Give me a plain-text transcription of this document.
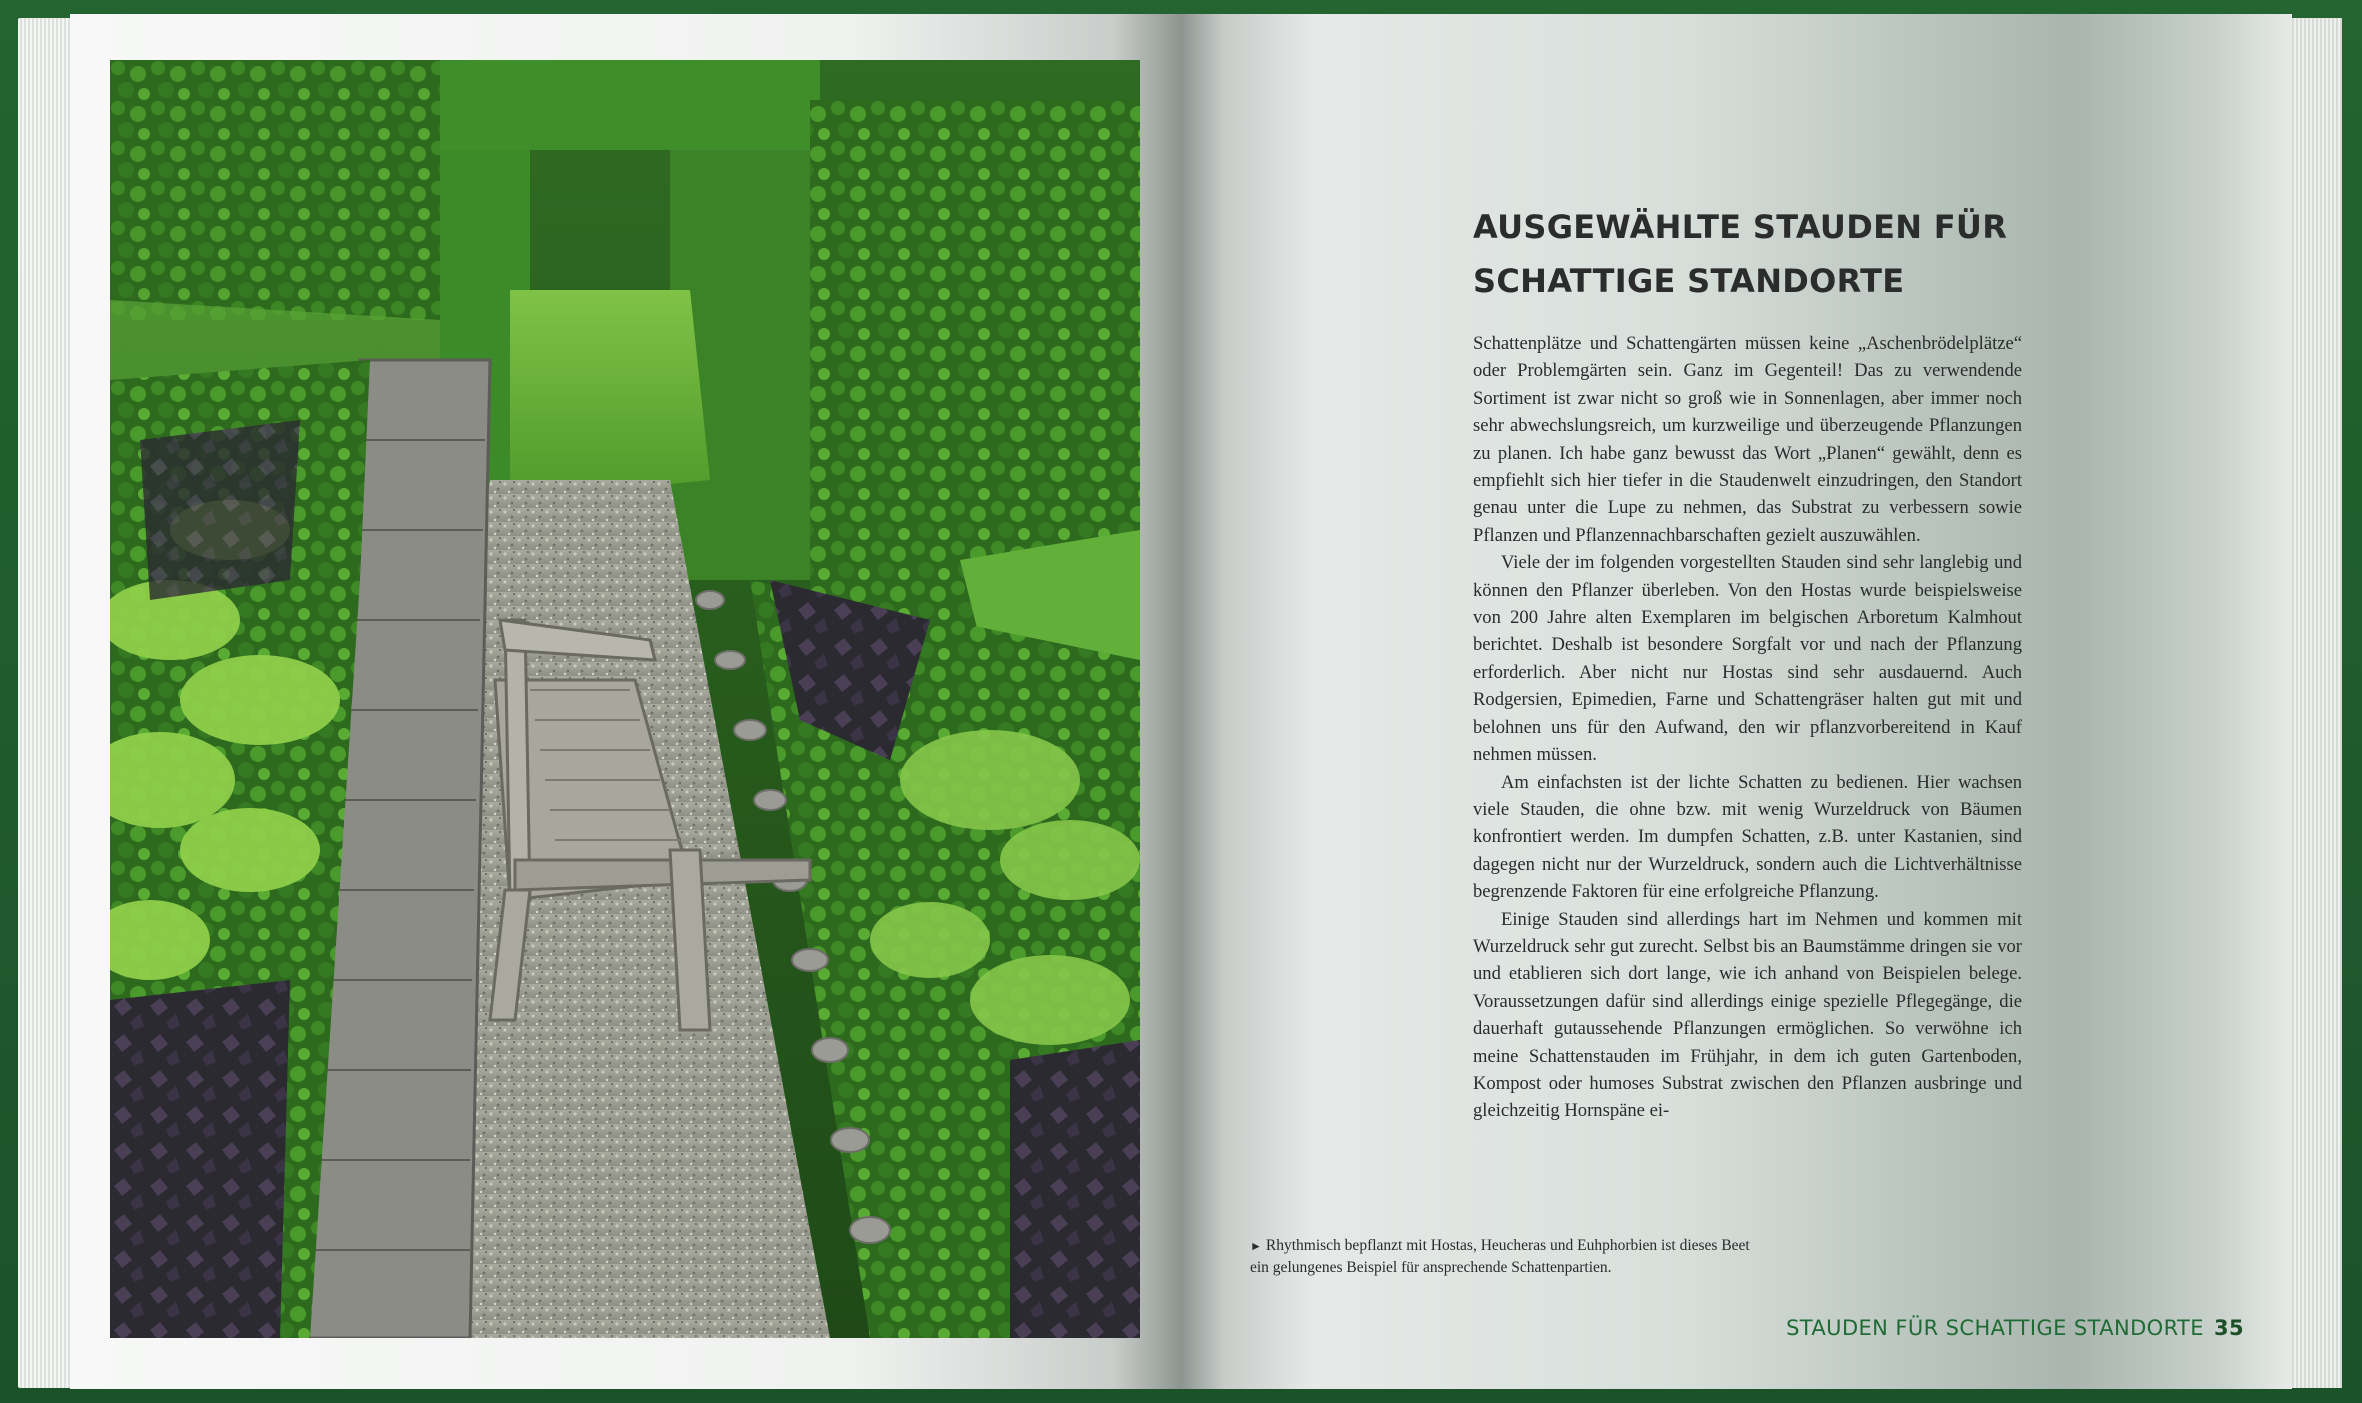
AUSGEWÄHLTE STAUDEN FÜR
SCHATTIGE STANDORTE

Schattenplätze und Schattengärten müssen keine „Aschenbrödelplätze“ oder Problemgärten sein. Ganz im Gegenteil! Das zu verwendende Sortiment ist zwar nicht so groß wie in Sonnenlagen, aber immer noch sehr abwechslungsreich, um kurzweilige und überzeugende Pflanzungen zu planen. Ich habe ganz bewusst das Wort „Planen“ gewählt, denn es empfiehlt sich hier tiefer in die Staudenwelt einzudringen, den Standort genau unter die Lupe zu nehmen, das Substrat zu verbessern sowie Pflanzen und Pflanzennachbarschaften gezielt auszuwählen.

Viele der im folgenden vorgestellten Stauden sind sehr langlebig und können den Pflanzer überleben. Von den Hostas wurde beispielsweise von 200 Jahre alten Exemplaren im belgischen Arboretum Kalmhout berichtet. Deshalb ist besondere Sorgfalt vor und nach der Pflanzung erforderlich. Aber nicht nur Hostas sind sehr ausdauernd. Auch Rodgersien, Epimedien, Farne und Schattengräser halten gut mit und belohnen uns für den Aufwand, den wir pflanzvorbereitend in Kauf nehmen müssen.

Am einfachsten ist der lichte Schatten zu bedienen. Hier wachsen viele Stauden, die ohne bzw. mit wenig Wurzeldruck von Bäumen konfrontiert werden. Im dumpfen Schatten, z.B. unter Kastanien, sind dagegen nicht nur der Wurzeldruck, sondern auch die Lichtverhältnisse begrenzende Faktoren für eine erfolgreiche Pflanzung.

Einige Stauden sind allerdings hart im Nehmen und kommen mit Wurzeldruck sehr gut zurecht. Selbst bis an Baumstämme dringen sie vor und etablieren sich dort lange, wie ich anhand von Beispielen belege. Voraussetzungen dafür sind allerdings einige spezielle Pflegegänge, die dauerhaft gutaussehende Pflanzungen ermöglichen. So verwöhne ich meine Schattenstauden im Frühjahr, in dem ich guten Gartenboden, Kompost oder humoses Substrat zwischen den Pflanzen ausbringe und gleichzeitig Hornspäne ei-

► Rhythmisch bepflanzt mit Hostas, Heucheras und Euhphorbien ist dieses Beet
ein gelungenes Beispiel für ansprechende Schattenpartien.
STAUDEN FÜR SCHATTIGE STANDORTE 35
